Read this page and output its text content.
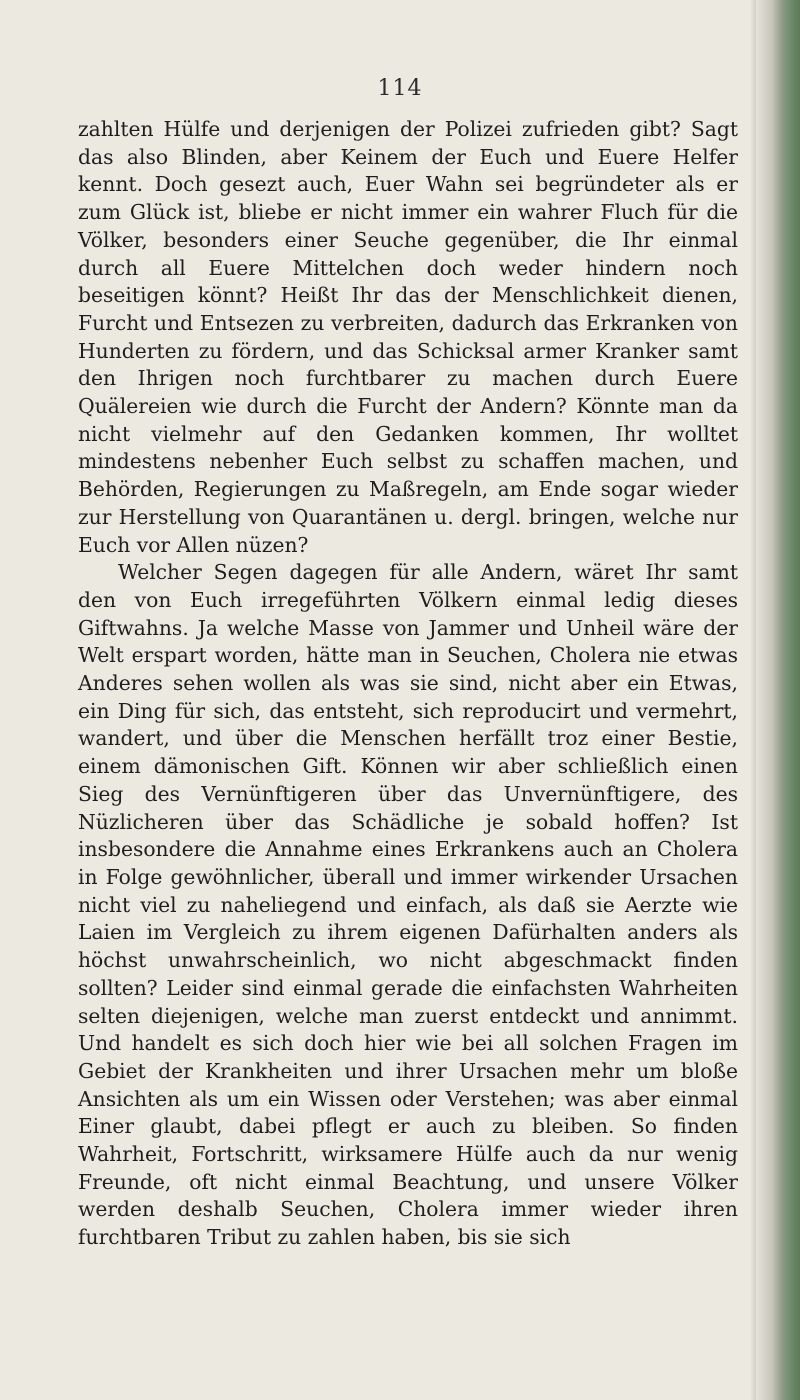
114

zahlten Hülfe und derjenigen der Polizei zufrieden gibt? Sagt das also Blinden, aber Keinem der Euch und Euere Helfer kennt. Doch gesezt auch, Euer Wahn sei begründeter als er zum Glück ist, bliebe er nicht immer ein wahrer Fluch für die Völker, besonders einer Seuche gegenüber, die Ihr einmal durch all Euere Mittelchen doch weder hindern noch beseitigen könnt? Heißt Ihr das der Menschlichkeit dienen, Furcht und Entsezen zu verbreiten, dadurch das Erkranken von Hunderten zu fördern, und das Schicksal armer Kranker samt den Ihrigen noch furchtbarer zu machen durch Euere Quälereien wie durch die Furcht der Andern? Könnte man da nicht vielmehr auf den Gedanken kommen, Ihr wolltet mindestens nebenher Euch selbst zu schaffen machen, und Behörden, Regierungen zu Maßregeln, am Ende sogar wieder zur Herstellung von Quarantänen u. dergl. bringen, welche nur Euch vor Allen nüzen?

Welcher Segen dagegen für alle Andern, wäret Ihr samt den von Euch irregeführten Völkern einmal ledig dieses Giftwahns. Ja welche Masse von Jammer und Unheil wäre der Welt erspart worden, hätte man in Seuchen, Cholera nie etwas Anderes sehen wollen als was sie sind, nicht aber ein Etwas, ein Ding für sich, das entsteht, sich reproducirt und vermehrt, wandert, und über die Menschen herfällt troz einer Bestie, einem dämonischen Gift. Können wir aber schließlich einen Sieg des Vernünftigeren über das Unvernünftigere, des Nüzlicheren über das Schädliche je sobald hoffen? Ist insbesondere die Annahme eines Erkrankens auch an Cholera in Folge gewöhnlicher, überall und immer wirkender Ursachen nicht viel zu naheliegend und einfach, als daß sie Aerzte wie Laien im Vergleich zu ihrem eigenen Dafürhalten anders als höchst unwahrscheinlich, wo nicht abgeschmackt finden sollten? Leider sind einmal gerade die einfachsten Wahrheiten selten diejenigen, welche man zuerst entdeckt und annimmt. Und handelt es sich doch hier wie bei all solchen Fragen im Gebiet der Krankheiten und ihrer Ursachen mehr um bloße Ansichten als um ein Wissen oder Verstehen; was aber einmal Einer glaubt, dabei pflegt er auch zu bleiben. So finden Wahrheit, Fortschritt, wirksamere Hülfe auch da nur wenig Freunde, oft nicht einmal Beachtung, und unsere Völker werden deshalb Seuchen, Cholera immer wieder ihren furchtbaren Tribut zu zahlen haben, bis sie sich
